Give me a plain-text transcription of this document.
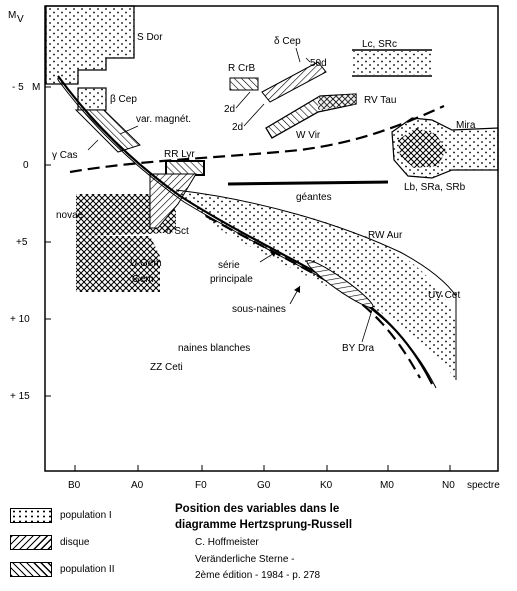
M V
- 5
0
+5
+ 10
+ 15
B0	A0	F0	G0	K0	M0	N0 spectre
S Dor
M
β Cep
Lc, SRc
δ Cep
50d
2d
2d
R CrB
RV Tau
W Vir
Mira
Lb, SRa, SRb
var. magnét.
γ Cas	RR Lyr
géantes
novae
δ Sct
U Gem
Gem
RW Aur
UV Cet
série
principale
sous-naines
naines blanches	BY Dra
ZZ Ceti
population I
disque
population II
Position des variables dans le
diagramme Hertzsprung-Russell
C. Hoffmeister
Veränderliche Sterne -
2ème édition - 1984 - p. 278
